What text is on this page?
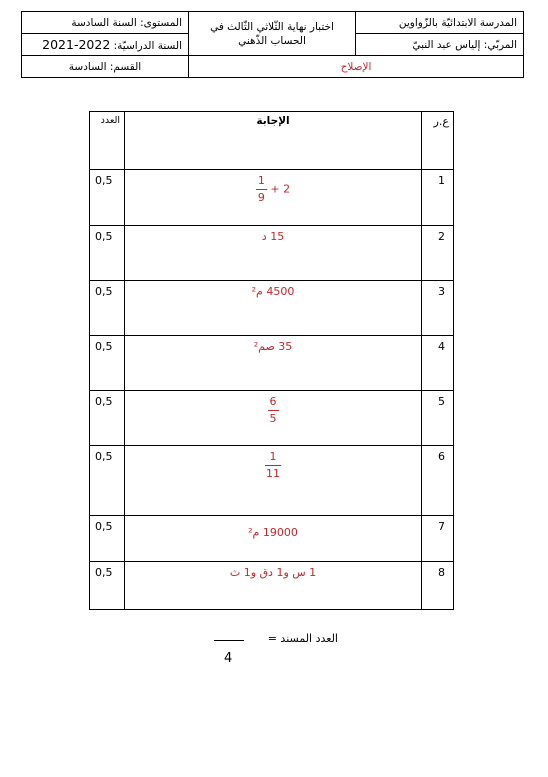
المستوى: السنة السادسة	اختبار نهاية الثّلاثي الثّالث في
الحساب الذّهني	المدرسة الابتدائيّة بالزّواوين
السنة الدراسيّة: 2021-2022		المربّي: إلياس عبد النبيّ
القسم: السادسة	الإصلاح	
العدد	الإجابة	ع.ر
0,5	$\frac{1}{9} + 2$	1
0,5	15 د	2
0,5	4500 م²	3
0,5	35 صم²	4
0,5	$\frac{6}{5}$	5
0,5	$\frac{1}{11}$	6
0,5	19000 م²	7
0,5	1 س و1 دق و1 ث	8
العدد المسند =
4
